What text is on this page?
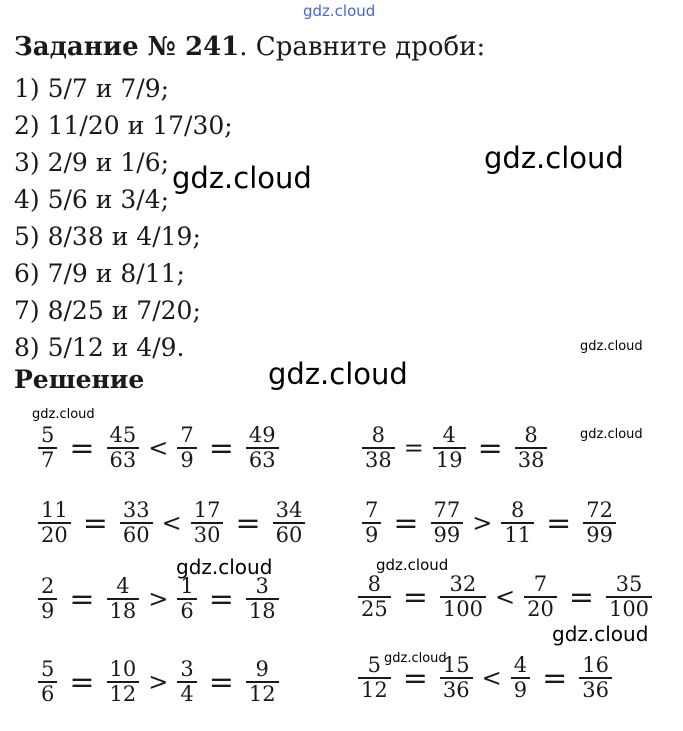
gdz.cloud
gdz.cloud
gdz.cloud
gdz.cloud
gdz.cloud
gdz.cloud
gdz.cloud
gdz.cloud	gdz.cloud
gdz.cloud
gdz.cloud
Задание № 241. Сравните дроби:
1) 5/7 и 7/9;
2) 11/20 и 17/30;
3) 2/9 и 1/6;
4) 5/6 и 3/4;
5) 8/38 и 4/19;
6) 7/9 и 8/11;
7) 8/25 и 7/20;
8) 5/12 и 4/9.
Решение
$\frac{5}{7} = \frac{45}{63} < \frac{7}{9} = \frac{49}{63}$
$\frac{11}{20} = \frac{33}{60} < \frac{17}{30} = \frac{34}{60}$
$\frac{2}{9} = \frac{4}{18} > \frac{1}{6} = \frac{3}{18}$
$\frac{5}{6} = \frac{10}{12} > \frac{3}{4} = \frac{9}{12}$
$\frac{8}{38} = \frac{4}{19} = \frac{8}{38}$
$\frac{7}{9} = \frac{77}{99} > \frac{8}{11} = \frac{72}{99}$
$\frac{8}{25} = \frac{32}{100} < \frac{7}{20} = \frac{35}{100}$
$\frac{5}{12} = \frac{15}{36} < \frac{4}{9} = \frac{16}{36}$
